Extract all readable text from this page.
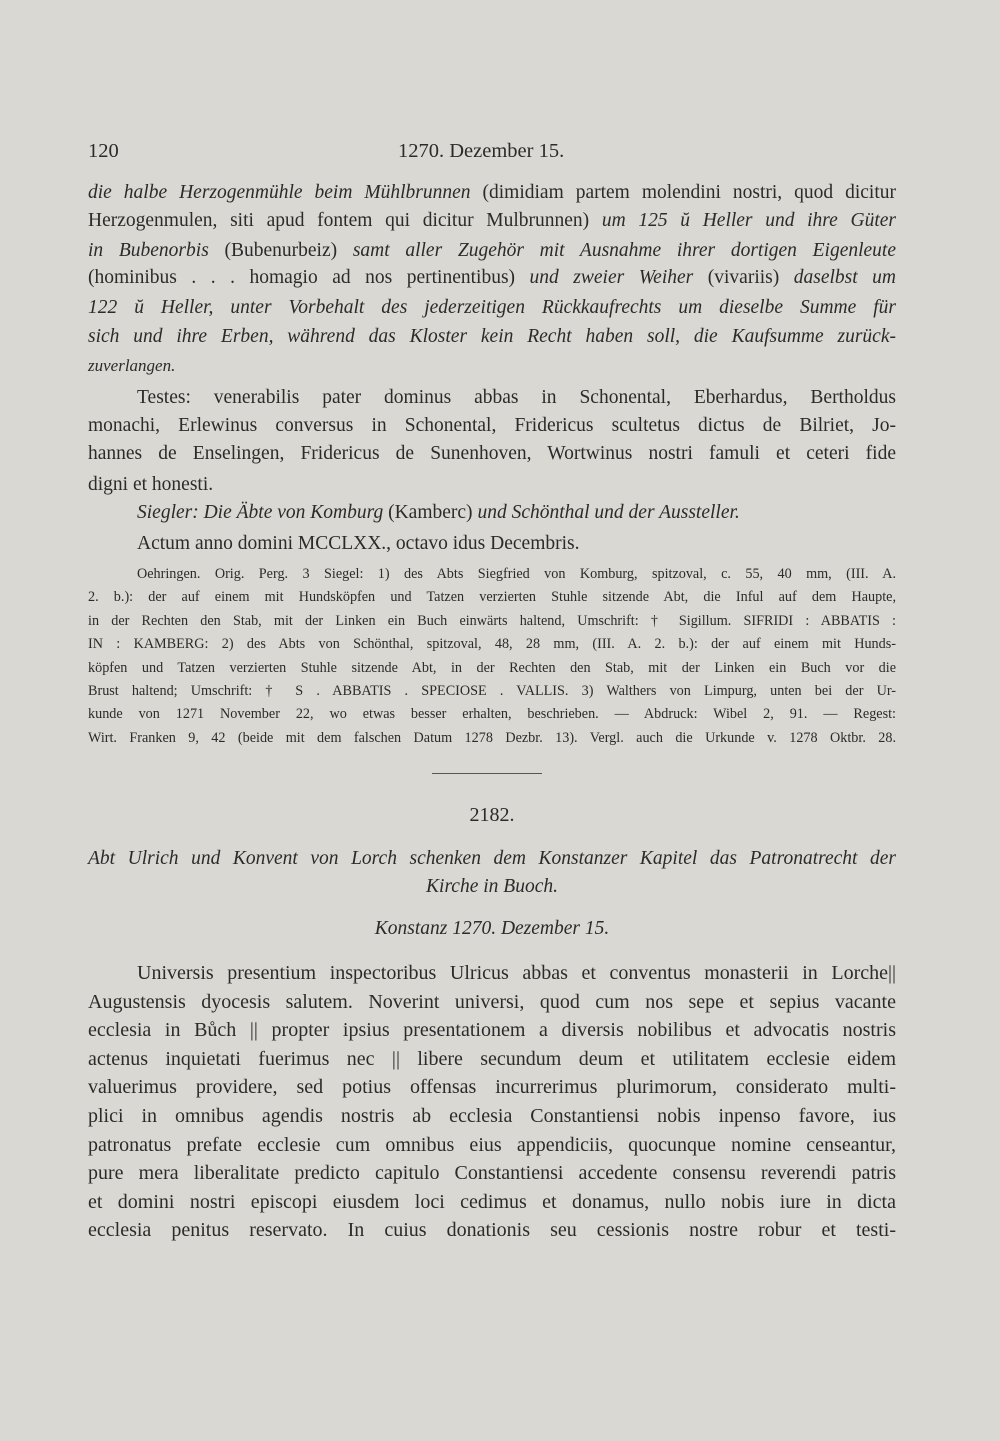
120	1270. Dezember 15.
die halbe Herzogenmühle beim Mühlbrunnen (dimidiam partem molendini nostri, quod dicitur
Herzogenmulen, siti apud fontem qui dicitur Mulbrunnen) um 125 ŭ Heller und ihre Güter
in Bubenorbis (Bubenurbeiz) samt aller Zugehör mit Ausnahme ihrer dortigen Eigenleute
(hominibus . . . homagio ad nos pertinentibus) und zweier Weiher (vivariis) daselbst um
122 ŭ Heller, unter Vorbehalt des jederzeitigen Rückkaufrechts um dieselbe Summe für
sich und ihre Erben, während das Kloster kein Recht haben soll, die Kaufsumme zurück-
zuverlangen.
Testes: venerabilis pater dominus abbas in Schonental, Eberhardus, Bertholdus
monachi, Erlewinus conversus in Schonental, Fridericus scultetus dictus de Bilriet, Jo-
hannes de Enselingen, Fridericus de Sunenhoven, Wortwinus nostri famuli et ceteri fide
digni et honesti.
Siegler: Die Äbte von Komburg (Kamberc) und Schönthal und der Aussteller.
Actum anno domini MCCLXX., octavo idus Decembris.
Oehringen. Orig. Perg. 3 Siegel: 1) des Abts Siegfried von Komburg, spitzoval, c. 55, 40 mm, (III. A.
2. b.): der auf einem mit Hundsköpfen und Tatzen verzierten Stuhle sitzende Abt, die Inful auf dem Haupte,
in der Rechten den Stab, mit der Linken ein Buch einwärts haltend, Umschrift: † Sigillum. SIFRIDI : ABBATIS :
IN : KAMBERG: 2) des Abts von Schönthal, spitzoval, 48, 28 mm, (III. A. 2. b.): der auf einem mit Hunds-
köpfen und Tatzen verzierten Stuhle sitzende Abt, in der Rechten den Stab, mit der Linken ein Buch vor die
Brust haltend; Umschrift: † S . ABBATIS . SPECIOSE . VALLIS. 3) Walthers von Limpurg, unten bei der Ur-
kunde von 1271 November 22, wo etwas besser erhalten, beschrieben. — Abdruck: Wibel 2, 91. — Regest:
Wirt. Franken 9, 42 (beide mit dem falschen Datum 1278 Dezbr. 13). Vergl. auch die Urkunde v. 1278 Oktbr. 28.
2182.
Abt Ulrich und Konvent von Lorch schenken dem Konstanzer Kapitel das Patronatrecht der
Kirche in Buoch.
Konstanz 1270. Dezember 15.
Universis presentium inspectoribus Ulricus abbas et conventus monasterii in Lorche||
Augustensis dyocesis salutem. Noverint universi, quod cum nos sepe et sepius vacante
ecclesia in Bůch || propter ipsius presentationem a diversis nobilibus et advocatis nostris
actenus inquietati fuerimus nec || libere secundum deum et utilitatem ecclesie eidem
valuerimus providere, sed potius offensas incurrerimus plurimorum, considerato multi-
plici in omnibus agendis nostris ab ecclesia Constantiensi nobis inpenso favore, ius
patronatus prefate ecclesie cum omnibus eius appendiciis, quocunque nomine censeantur,
pure mera liberalitate predicto capitulo Constantiensi accedente consensu reverendi patris
et domini nostri episcopi eiusdem loci cedimus et donamus, nullo nobis iure in dicta
ecclesia penitus reservato. In cuius donationis seu cessionis nostre robur et testi-
